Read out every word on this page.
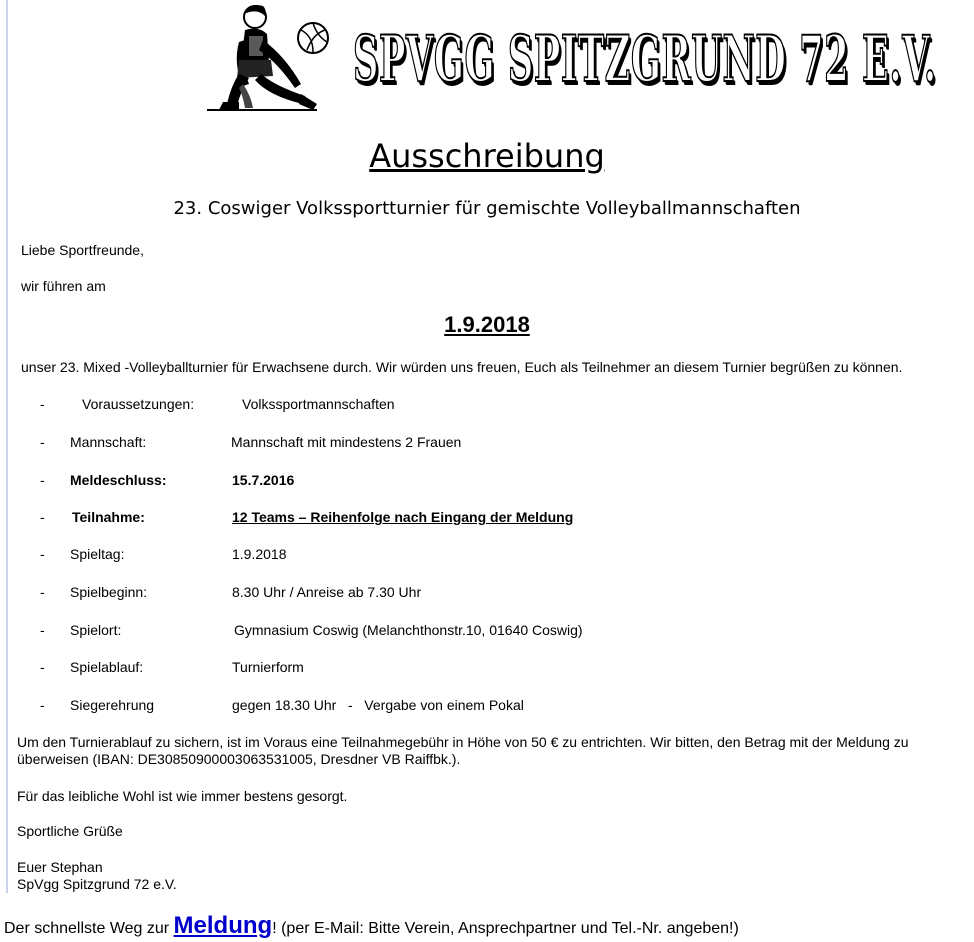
SPVGG SPITZGRUND 72 E.V.
Ausschreibung
23. Coswiger Volkssportturnier für gemischte Volleyballmannschaften
Liebe Sportfreunde,
wir führen am
1.9.2018
unser 23. Mixed -Volleyballturnier für Erwachsene durch. Wir würden uns freuen, Euch als Teilnehmer an diesem Turnier begrüßen zu können.
-	Voraussetzungen:	Volkssportmannschaften
- Mannschaft:	Mannschaft mit mindestens 2 Frauen
- Meldeschluss:	15.7.2016
- Teilnahme:	12 Teams – Reihenfolge nach Eingang der Meldung
- Spieltag:	1.9.2018
- Spielbeginn:	8.30 Uhr / Anreise ab 7.30 Uhr
- Spielort:	Gymnasium Coswig (Melanchthonstr.10, 01640 Coswig)
- Spielablauf:	Turnierform
- Siegerehrung	gegen 18.30 Uhr   -   Vergabe von einem Pokal
Um den Turnierablauf zu sichern, ist im Voraus eine Teilnahmegebühr in Höhe von 50 € zu entrichten. Wir bitten, den Betrag mit der Meldung zu
überweisen (IBAN: DE30850900003063531005, Dresdner VB Raiffbk.).
Für das leibliche Wohl ist wie immer bestens gesorgt.
Sportliche Grüße
Euer Stephan
SpVgg Spitzgrund 72 e.V.
Der schnellste Weg zur Meldung! (per E-Mail: Bitte Verein, Ansprechpartner und Tel.-Nr. angeben!)
